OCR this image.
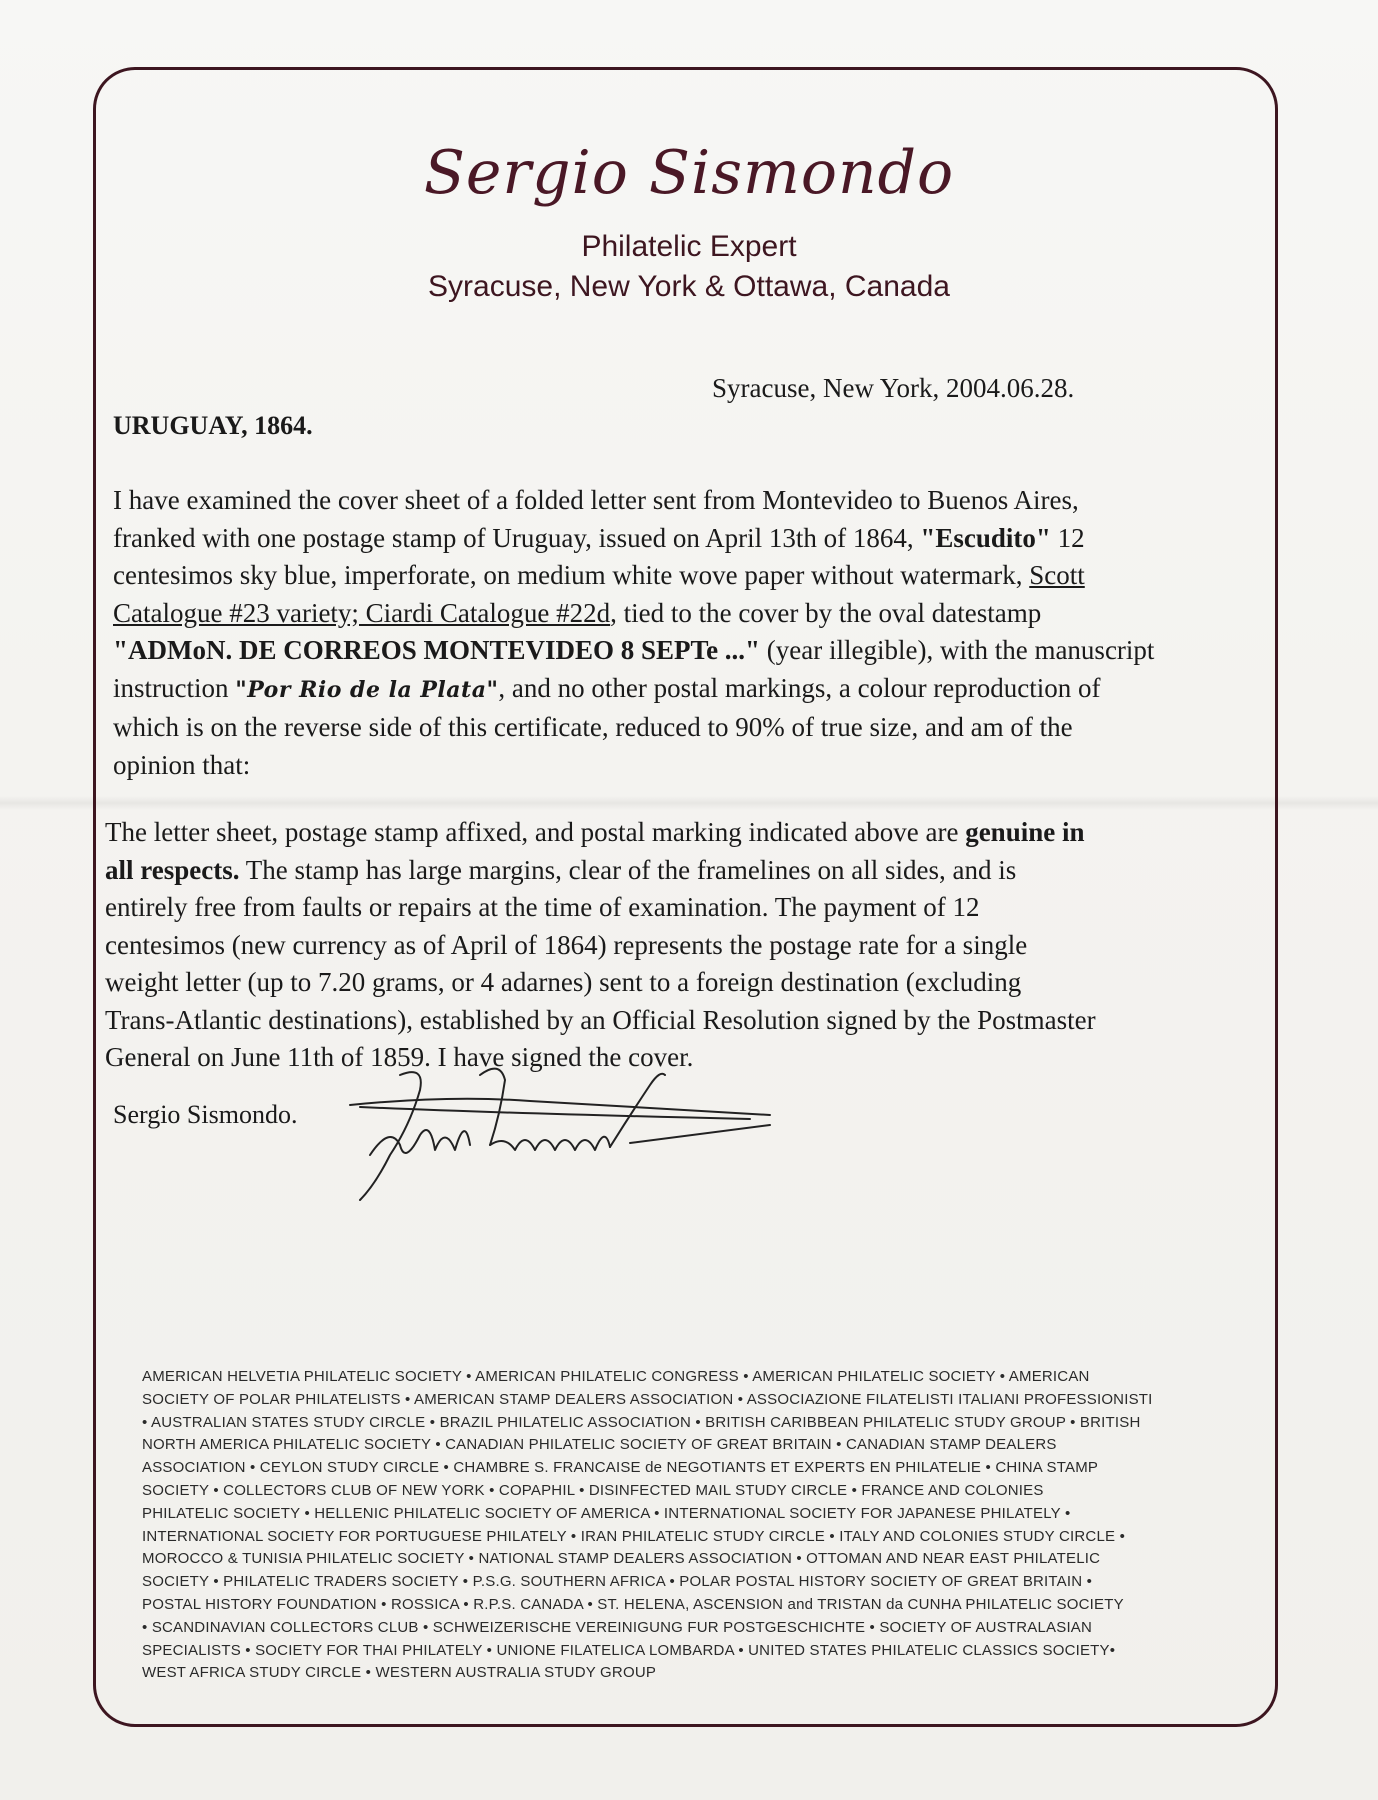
Sergio Sismondo
Philatelic Expert
Syracuse, New York & Ottawa, Canada
Syracuse, New York, 2004.06.28.
URUGUAY, 1864.
I have examined the cover sheet of a folded letter sent from Montevideo to Buenos Aires,
franked with one postage stamp of Uruguay, issued on April 13th of 1864, "Escudito" 12
centesimos sky blue, imperforate, on medium white wove paper without watermark, Scott
Catalogue #23 variety; Ciardi Catalogue #22d, tied to the cover by the oval datestamp
"ADMoN. DE CORREOS MONTEVIDEO 8 SEPTe ..." (year illegible), with the manuscript
instruction "Por Rio de la Plata", and no other postal markings, a colour reproduction of
which is on the reverse side of this certificate, reduced to 90% of true size, and am of the
opinion that:
The letter sheet, postage stamp affixed, and postal marking indicated above are genuine in
all respects. The stamp has large margins, clear of the framelines on all sides, and is
entirely free from faults or repairs at the time of examination. The payment of 12
centesimos (new currency as of April of 1864) represents the postage rate for a single
weight letter (up to 7.20 grams, or 4 adarnes) sent to a foreign destination (excluding
Trans-Atlantic destinations), established by an Official Resolution signed by the Postmaster
General on June 11th of 1859. I have signed the cover.
Sergio Sismondo.
AMERICAN HELVETIA PHILATELIC SOCIETY • AMERICAN PHILATELIC CONGRESS • AMERICAN PHILATELIC SOCIETY • AMERICAN
SOCIETY OF POLAR PHILATELISTS • AMERICAN STAMP DEALERS ASSOCIATION • ASSOCIAZIONE FILATELISTI ITALIANI PROFESSIONISTI
• AUSTRALIAN STATES STUDY CIRCLE • BRAZIL PHILATELIC ASSOCIATION • BRITISH CARIBBEAN PHILATELIC STUDY GROUP • BRITISH
NORTH AMERICA PHILATELIC SOCIETY • CANADIAN PHILATELIC SOCIETY OF GREAT BRITAIN • CANADIAN STAMP DEALERS
ASSOCIATION • CEYLON STUDY CIRCLE • CHAMBRE S. FRANCAISE de NEGOTIANTS ET EXPERTS EN PHILATELIE • CHINA STAMP
SOCIETY • COLLECTORS CLUB OF NEW YORK • COPAPHIL • DISINFECTED MAIL STUDY CIRCLE • FRANCE AND COLONIES
PHILATELIC SOCIETY • HELLENIC PHILATELIC SOCIETY OF AMERICA • INTERNATIONAL SOCIETY FOR JAPANESE PHILATELY •
INTERNATIONAL SOCIETY FOR PORTUGUESE PHILATELY • IRAN PHILATELIC STUDY CIRCLE • ITALY AND COLONIES STUDY CIRCLE •
MOROCCO & TUNISIA PHILATELIC SOCIETY • NATIONAL STAMP DEALERS ASSOCIATION • OTTOMAN AND NEAR EAST PHILATELIC
SOCIETY • PHILATELIC TRADERS SOCIETY • P.S.G. SOUTHERN AFRICA • POLAR POSTAL HISTORY SOCIETY OF GREAT BRITAIN •
POSTAL HISTORY FOUNDATION • ROSSICA • R.P.S. CANADA • ST. HELENA, ASCENSION and TRISTAN da CUNHA PHILATELIC SOCIETY
• SCANDINAVIAN COLLECTORS CLUB • SCHWEIZERISCHE VEREINIGUNG FUR POSTGESCHICHTE • SOCIETY OF AUSTRALASIAN
SPECIALISTS • SOCIETY FOR THAI PHILATELY • UNIONE FILATELICA LOMBARDA • UNITED STATES PHILATELIC CLASSICS SOCIETY•
WEST AFRICA STUDY CIRCLE • WESTERN AUSTRALIA STUDY GROUP
